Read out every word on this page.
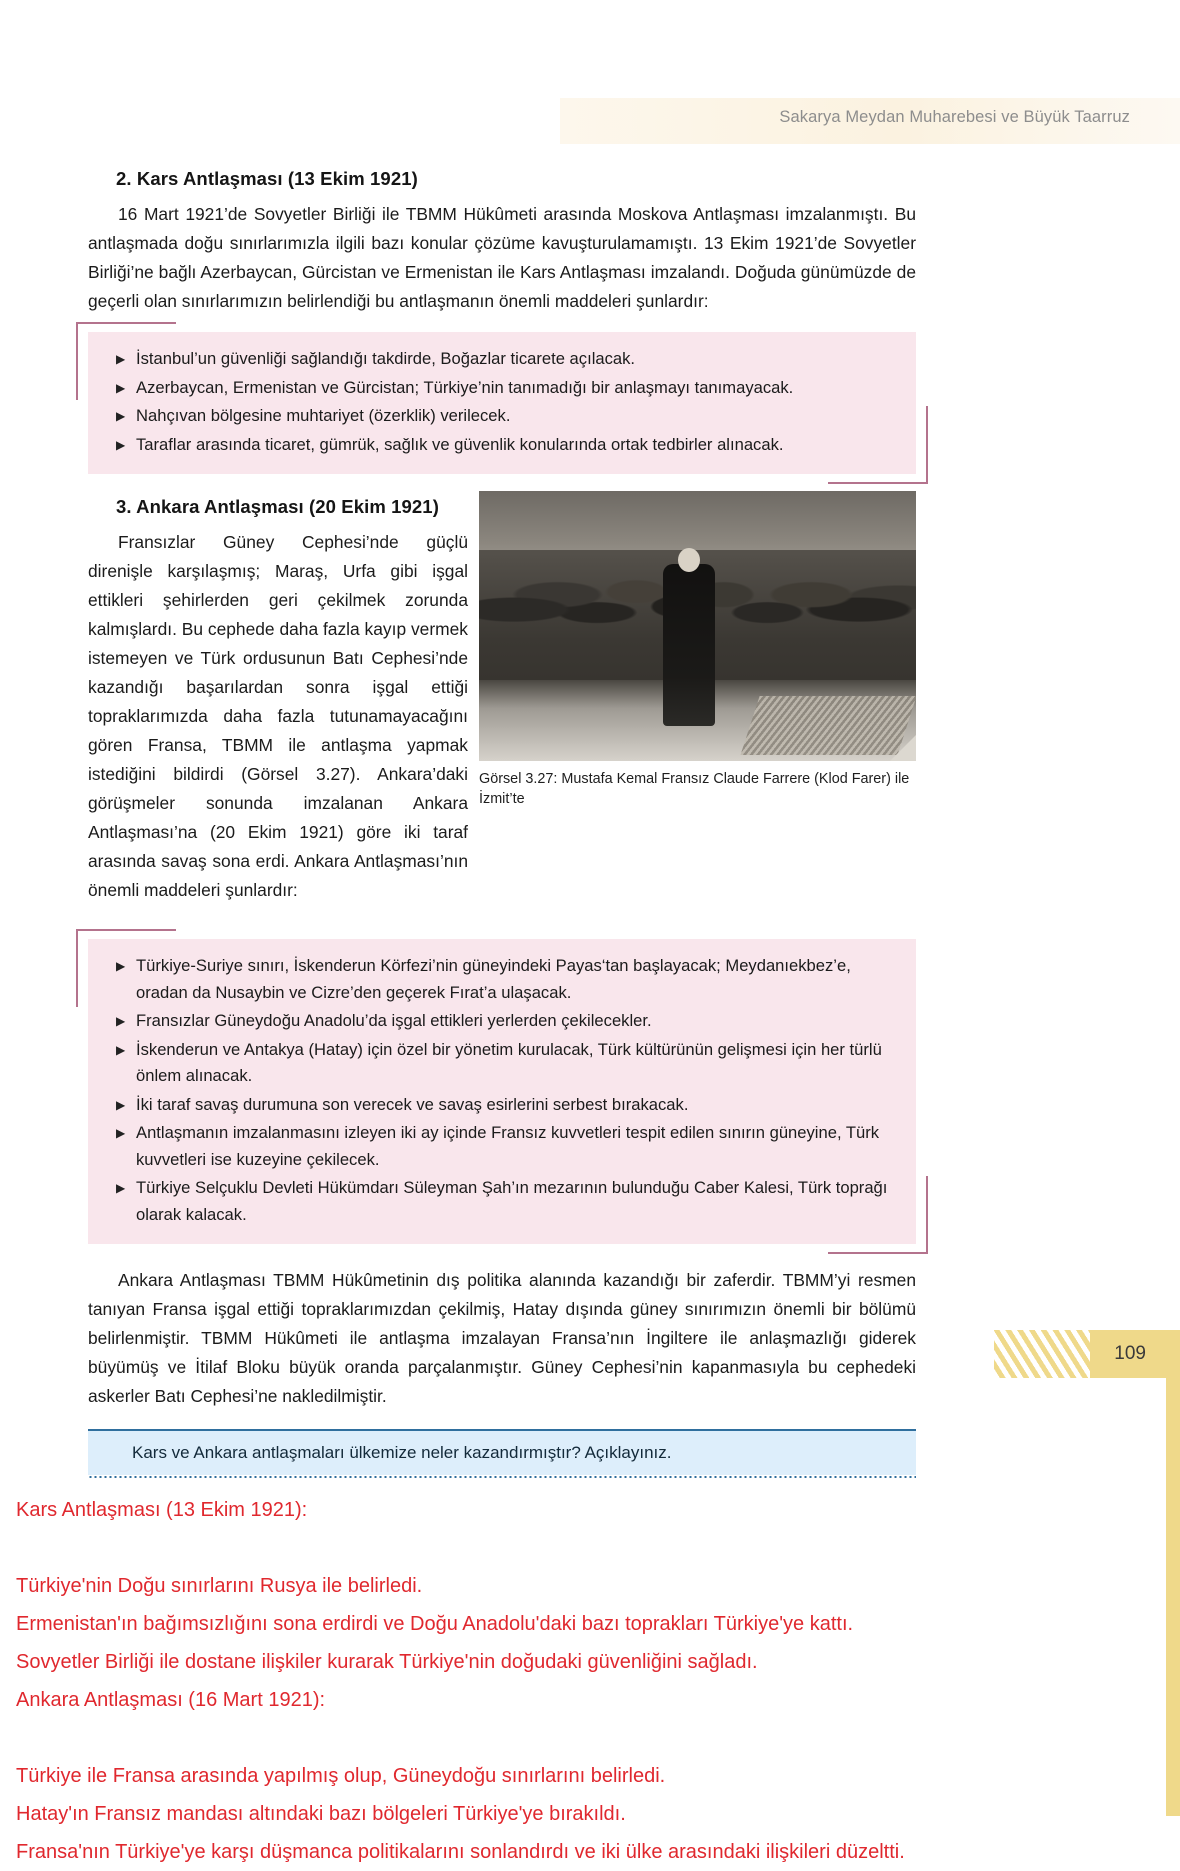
Sakarya Meydan Muharebesi ve Büyük Taarruz
Görsel 3.27: Mustafa Kemal Fransız Claude Farrere (Klod Farer) ile İzmit’te
2. Kars Antlaşması (13 Ekim 1921)

16 Mart 1921’de Sovyetler Birliği ile TBMM Hükûmeti arasında Moskova Antlaşması imzalanmıştı. Bu antlaşmada doğu sınırlarımızla ilgili bazı konular çözüme kavuşturulamamıştı. 13 Ekim 1921’de Sovyetler Birliği’ne bağlı Azerbaycan, Gürcistan ve Ermenistan ile Kars Antlaşması imzalandı. Doğuda günümüzde de geçerli olan sınırlarımızın belirlendiği bu antlaşmanın önemli maddeleri şunlardır:

▶ İstanbul’un güvenliği sağlandığı takdirde, Boğazlar ticarete açılacak.
▶ Azerbaycan, Ermenistan ve Gürcistan; Türkiye’nin tanımadığı bir anlaşmayı tanımayacak.
▶ Nahçıvan bölgesine muhtariyet (özerklik) verilecek.
▶ Taraflar arasında ticaret, gümrük, sağlık ve güvenlik konularında ortak tedbirler alınacak.
3. Ankara Antlaşması (20 Ekim 1921)

Fransızlar Güney Cephesi’nde güçlü direnişle karşılaşmış; Maraş, Urfa gibi işgal ettikleri şehirlerden geri çekilmek zorunda kalmışlardı. Bu cephede daha fazla kayıp vermek istemeyen ve Türk ordusunun Batı Cephesi’nde kazandığı başarılardan sonra işgal ettiği topraklarımızda daha fazla tutunamayacağını gören Fransa, TBMM ile antlaşma yapmak istediğini bildirdi (Görsel 3.27). Ankara’daki görüşmeler sonunda imzalanan Ankara Antlaşması’na (20 Ekim 1921) göre iki taraf arasında savaş sona erdi. Ankara Antlaşması’nın önemli maddeleri şunlardır:

▶ Türkiye-Suriye sınırı, İskenderun Körfezi’nin güneyindeki Payas‘tan başlayacak; Meydanıekbez’e, oradan da Nusaybin ve Cizre’den geçerek Fırat’a ulaşacak.
▶ Fransızlar Güneydoğu Anadolu’da işgal ettikleri yerlerden çekilecekler.
▶ İskenderun ve Antakya (Hatay) için özel bir yönetim kurulacak, Türk kültürünün gelişmesi için her türlü önlem alınacak.
▶ İki taraf savaş durumuna son verecek ve savaş esirlerini serbest bırakacak.
▶ Antlaşmanın imzalanmasını izleyen iki ay içinde Fransız kuvvetleri tespit edilen sınırın güneyine, Türk kuvvetleri ise kuzeyine çekilecek.
▶ Türkiye Selçuklu Devleti Hükümdarı Süleyman Şah’ın mezarının bulunduğu Caber Kalesi, Türk toprağı olarak kalacak.

Ankara Antlaşması TBMM Hükûmetinin dış politika alanında kazandığı bir zaferdir. TBMM’yi resmen tanıyan Fransa işgal ettiği topraklarımızdan çekilmiş, Hatay dışında güney sınırımızın önemli bir bölümü belirlenmiştir. TBMM Hükûmeti ile antlaşma imzalayan Fransa’nın İngiltere ile anlaşmazlığı giderek büyümüş ve İtilaf Bloku büyük oranda parçalanmıştır. Güney Cephesi’nin kapanmasıyla bu cephedeki askerler Batı Cephesi’ne nakledilmiştir.

Kars ve Ankara antlaşmaları ülkemize neler kazandırmıştır? Açıklayınız.
109
Kars Antlaşması (13 Ekim 1921):
Türkiye'nin Doğu sınırlarını Rusya ile belirledi.
Ermenistan'ın bağımsızlığını sona erdirdi ve Doğu Anadolu'daki bazı toprakları Türkiye'ye kattı.
Sovyetler Birliği ile dostane ilişkiler kurarak Türkiye'nin doğudaki güvenliğini sağladı.
Ankara Antlaşması (16 Mart 1921):
Türkiye ile Fransa arasında yapılmış olup, Güneydoğu sınırlarını belirledi.
Hatay'ın Fransız mandası altındaki bazı bölgeleri Türkiye'ye bırakıldı.
Fransa'nın Türkiye'ye karşı düşmanca politikalarını sonlandırdı ve iki ülke arasındaki ilişkileri düzeltti.
